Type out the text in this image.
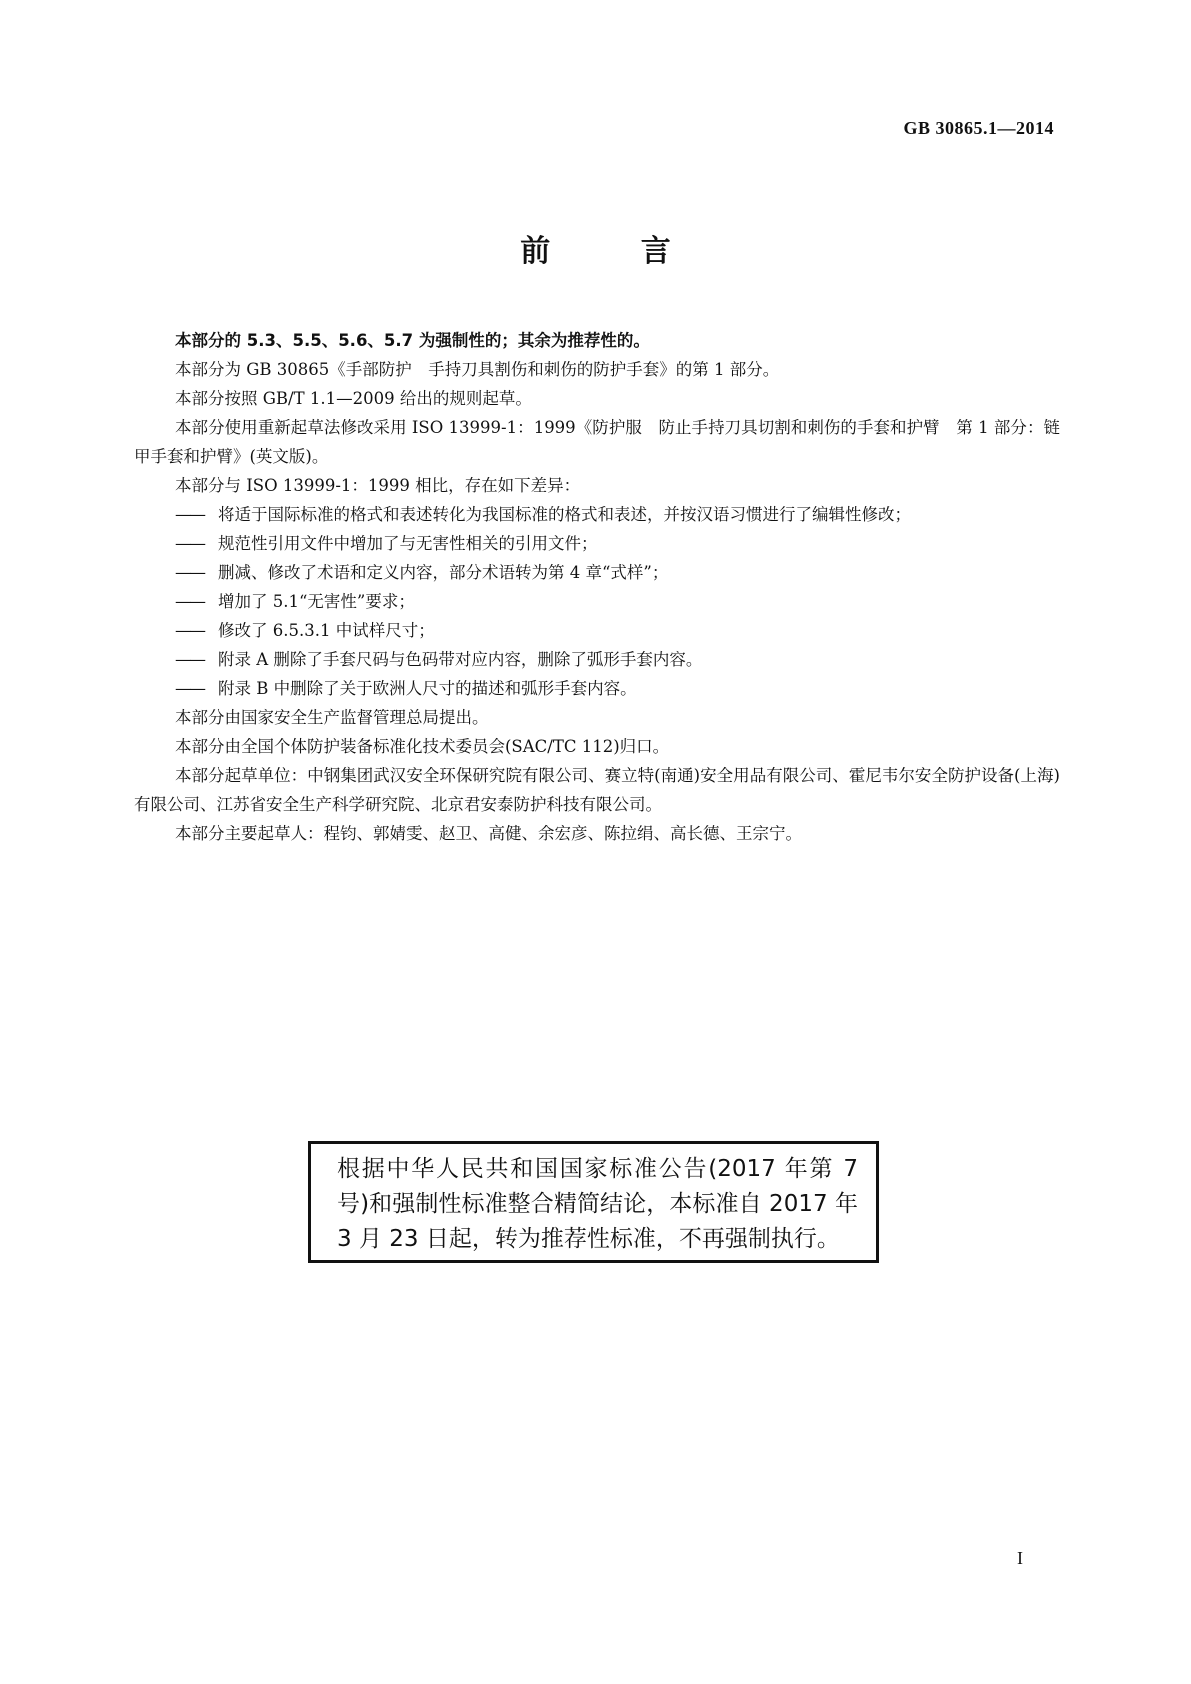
GB 30865.1—2014
前 言

本部分的 5.3、5.5、5.6、5.7 为强制性的；其余为推荐性的。

本部分为 GB 30865《手部防护　手持刀具割伤和刺伤的防护手套》的第 1 部分。

本部分按照 GB/T 1.1—2009 给出的规则起草。

本部分使用重新起草法修改采用 ISO 13999-1：1999《防护服　防止手持刀具切割和刺伤的手套和护臂　第 1 部分：链甲手套和护臂》(英文版)。

本部分与 ISO 13999-1：1999 相比，存在如下差异：

—— 将适于国际标准的格式和表述转化为我国标准的格式和表述，并按汉语习惯进行了编辑性修改；
—— 规范性引用文件中增加了与无害性相关的引用文件；
—— 删减、修改了术语和定义内容，部分术语转为第 4 章“式样”；
—— 增加了 5.1“无害性”要求；
—— 修改了 6.5.3.1 中试样尺寸；
—— 附录 A 删除了手套尺码与色码带对应内容，删除了弧形手套内容。
—— 附录 B 中删除了关于欧洲人尺寸的描述和弧形手套内容。

本部分由国家安全生产监督管理总局提出。

本部分由全国个体防护装备标准化技术委员会(SAC/TC 112)归口。

本部分起草单位：中钢集团武汉安全环保研究院有限公司、赛立特(南通)安全用品有限公司、霍尼韦尔安全防护设备(上海)有限公司、江苏省安全生产科学研究院、北京君安泰防护科技有限公司。

本部分主要起草人：程钧、郭婧雯、赵卫、高健、余宏彦、陈拉绢、高长德、王宗宁。

根据中华人民共和国国家标准公告(2017 年第 7 号)和强制性标准整合精简结论，本标准自 2017 年 3 月 23 日起，转为推荐性标准，不再强制执行。
I
